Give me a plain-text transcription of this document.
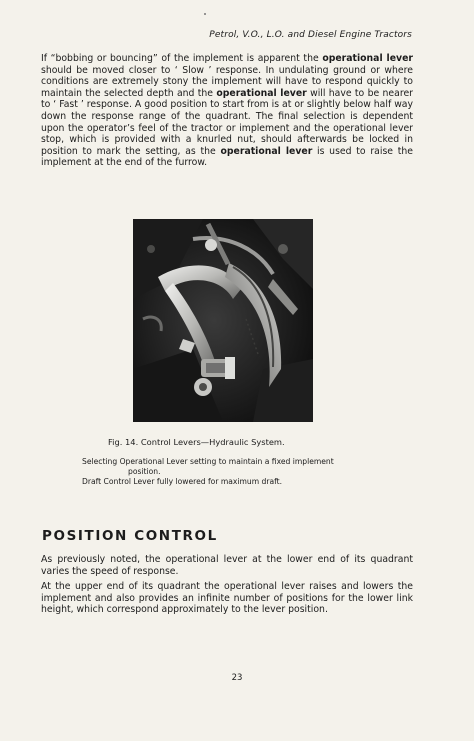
Petrol, V.O., L.O. and Diesel Engine Tractors

If “bobbing or bouncing” of the implement is apparent the operational lever should be moved closer to ‘ Slow ’ response. In undulating ground or where conditions are extremely stony the implement will have to respond quickly to maintain the selected depth and the operational lever will have to be nearer to ‘ Fast ’ response. A good position to start from is at or slightly below half way down the response range of the quadrant. The final selection is dependent upon the operator’s feel of the tractor or implement and the operational lever stop, which is provided with a knurled nut, should afterwards be locked in position to mark the setting, as the operational lever is used to raise the implement at the end of the furrow.

Fig. 14. Control Levers—Hydraulic System.
Selecting Operational Lever setting to maintain a fixed implement
position.
Draft Control Lever fully lowered for maximum draft.
POSITION CONTROL

As previously noted, the operational lever at the lower end of its quadrant varies the speed of response.

At the upper end of its quadrant the operational lever raises and lowers the implement and also provides an infinite number of positions for the lower link height, which correspond approximately to the lever position.

23
